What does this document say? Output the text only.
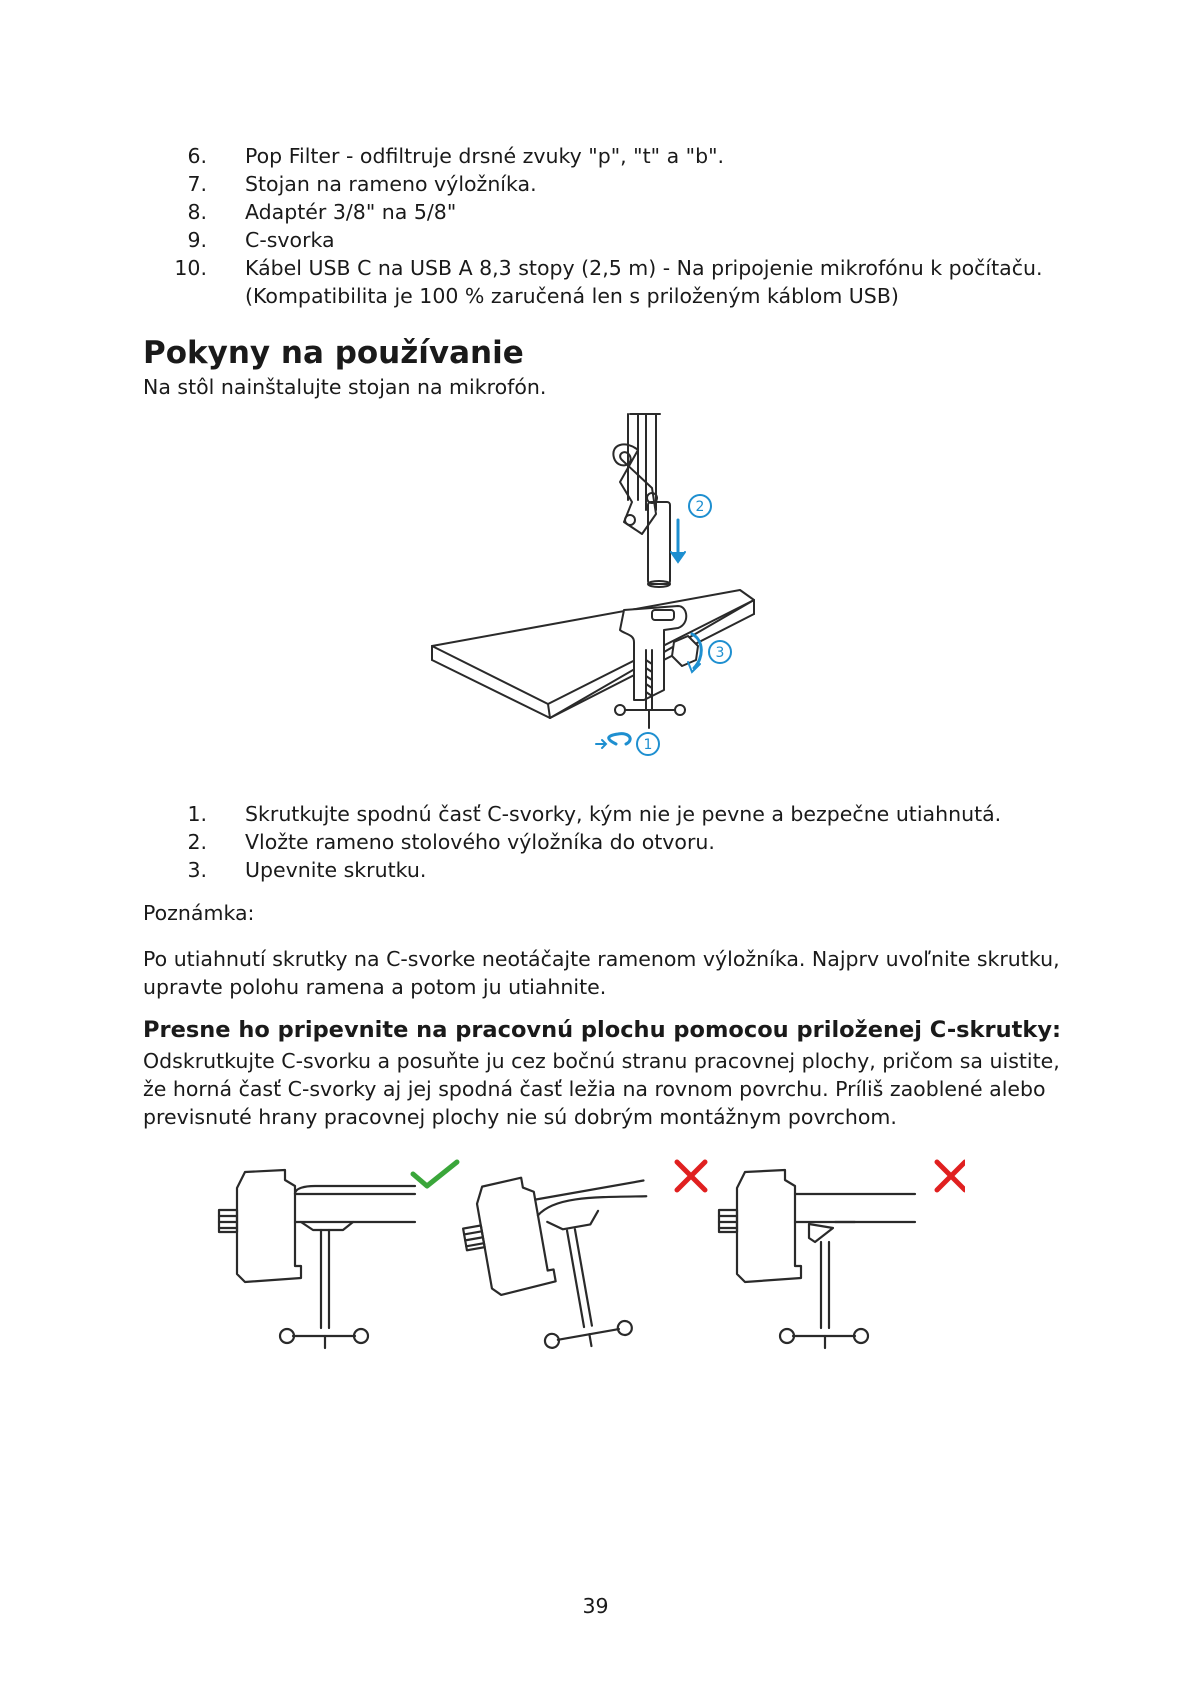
6. Pop Filter - odfiltruje drsné zvuky "p", "t" a "b".
7. Stojan na rameno výložníka.
8. Adaptér 3/8" na 5/8"
9. C-svorka
10. Kábel USB C na USB A 8,3 stopy (2,5 m) - Na pripojenie mikrofónu k počítaču.
(Kompatibilita je 100 % zaručená len s priloženým káblom USB)
Pokyny na používanie
Na stôl nainštalujte stojan na mikrofón.
2
3
1
1. Skrutkujte spodnú časť C-svorky, kým nie je pevne a bezpečne utiahnutá.
2. Vložte rameno stolového výložníka do otvoru.
3. Upevnite skrutku.
Poznámka:
Po utiahnutí skrutky na C-svorke neotáčajte ramenom výložníka. Najprv uvoľnite skrutku,
upravte polohu ramena a potom ju utiahnite.
Presne ho pripevnite na pracovnú plochu pomocou priloženej C-skrutky:
Odskrutkujte C-svorku a posuňte ju cez bočnú stranu pracovnej plochy, pričom sa uistite,
že horná časť C-svorky aj jej spodná časť ležia na rovnom povrchu. Príliš zaoblené alebo
previsnuté hrany pracovnej plochy nie sú dobrým montážnym povrchom.
39
